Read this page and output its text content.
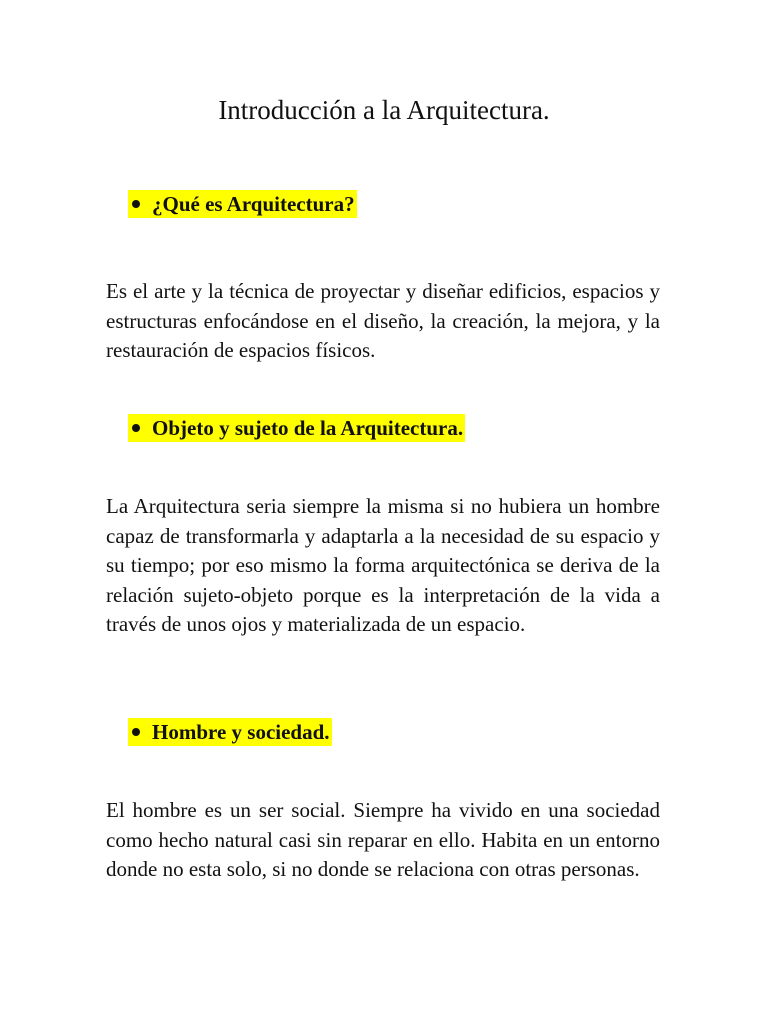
Introducción a la Arquitectura.
¿Qué es Arquitectura?
Es el arte y la técnica de proyectar y diseñar edificios, espacios y estructuras enfocándose en el diseño, la creación, la mejora, y la restauración de espacios físicos.
Objeto y sujeto de la Arquitectura.
La Arquitectura seria siempre la misma si no hubiera un hombre capaz de transformarla y adaptarla a la necesidad de su espacio y su tiempo; por eso mismo la forma arquitectónica se deriva de la relación sujeto-objeto porque es la interpretación de la vida a través de unos ojos y materializada de un espacio.
Hombre y sociedad.
El hombre es un ser social. Siempre ha vivido en una sociedad como hecho natural casi sin reparar en ello. Habita en un entorno donde no esta solo, si no donde se relaciona con otras personas.
